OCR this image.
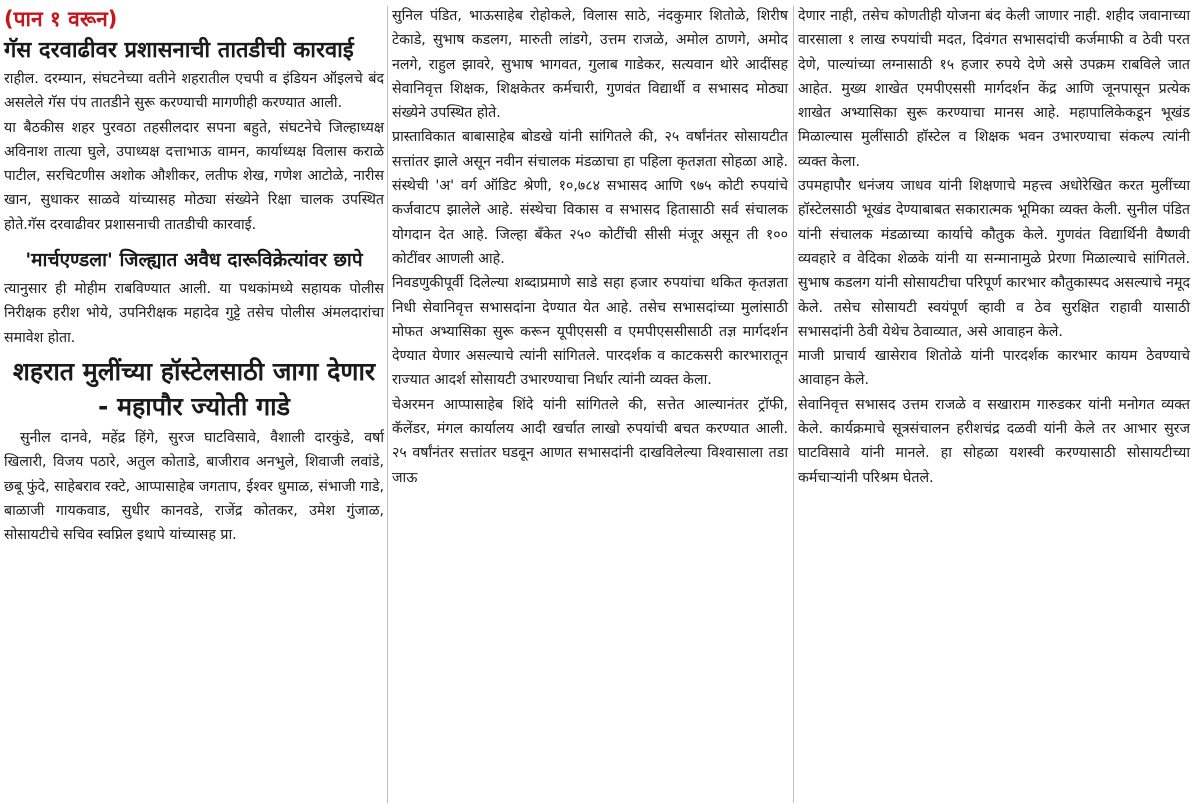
(पान १ वरून)
गॅस दरवाढीवर प्रशासनाची तातडीची कारवाई

राहील. दरम्यान, संघटनेच्या वतीने शहरातील एचपी व इंडियन ऑइलचे बंद असलेले गॅस पंप तातडीने सुरू करण्याची मागणीही करण्यात आली.

या बैठकीस शहर पुरवठा तहसीलदार सपना बहुते, संघटनेचे जिल्हाध्यक्ष अविनाश तात्या घुले, उपाध्यक्ष दत्ताभाऊ वामन, कार्याध्यक्ष विलास कराळे पाटील, सरचिटणीस अशोक औशीकर, लतीफ शेख, गणेश आटोळे, नारीस खान, सुधाकर साळवे यांच्यासह मोठ्या संख्येने रिक्षा चालक उपस्थित होते.गॅस दरवाढीवर प्रशासनाची तातडीची कारवाई.

'मार्चएण्डला' जिल्ह्यात अवैध दारूविक्रेत्यांवर छापे

त्यानुसार ही मोहीम राबविण्यात आली. या पथकांमध्ये सहायक पोलीस निरीक्षक हरीश भोये, उपनिरीक्षक महादेव गुट्टे तसेच पोलीस अंमलदारांचा समावेश होता.

शहरात मुलींच्या हॉस्टेलसाठी जागा देणार - महापौर ज्योती गाडे

सुनील दानवे, महेंद्र हिंगे, सुरज घाटविसावे, वैशाली दारकुंडे, वर्षा खिलारी, विजय पठारे, अतुल कोताडे, बाजीराव अनभुले, शिवाजी लवांडे, छबू फुंदे, साहेबराव रक्टे, आप्पासाहेब जगताप, ईश्वर धुमाळ, संभाजी गाडे, बाळाजी गायकवाड, सुधीर कानवडे, राजेंद्र कोतकर, उमेश गुंजाळ, सोसायटीचे सचिव स्वप्निल इथापे यांच्यासह प्रा.

सुनिल पंडित, भाऊसाहेब रोहोकले, विलास साठे, नंदकुमार शितोळे, शिरीष टेकाडे, सुभाष कडलग, मारुती लांडगे, उत्तम राजळे, अमोल ठाणगे, अमोद नलगे, राहुल झावरे, सुभाष भागवत, गुलाब गाडेकर, सत्यवान थोरे आदींसह सेवानिवृत्त शिक्षक, शिक्षकेतर कर्मचारी, गुणवंत विद्यार्थी व सभासद मोठ्या संख्येने उपस्थित होते.

प्रास्ताविकात बाबासाहेब बोडखे यांनी सांगितले की, २५ वर्षांनंतर सोसायटीत सत्तांतर झाले असून नवीन संचालक मंडळाचा हा पहिला कृतज्ञता सोहळा आहे. संस्थेची 'अ' वर्ग ऑडिट श्रेणी, १०,७८४ सभासद आणि ९७५ कोटी रुपयांचे कर्जवाटप झालेले आहे. संस्थेचा विकास व सभासद हितासाठी सर्व संचालक योगदान देत आहे. जिल्हा बँकेत २५० कोटींची सीसी मंजूर असून ती १०० कोटींवर आणली आहे.

निवडणुकीपूर्वी दिलेल्या शब्दाप्रमाणे साडे सहा हजार रुपयांचा थकित कृतज्ञता निधी सेवानिवृत्त सभासदांना देण्यात येत आहे. तसेच सभासदांच्या मुलांसाठी मोफत अभ्यासिका सुरू करून यूपीएससी व एमपीएससीसाठी तज्ञ मार्गदर्शन देण्यात येणार असल्याचे त्यांनी सांगितले. पारदर्शक व काटकसरी कारभारातून राज्यात आदर्श सोसायटी उभारण्याचा निर्धार त्यांनी व्यक्त केला.

चेअरमन आप्पासाहेब शिंदे यांनी सांगितले की, सत्तेत आल्यानंतर ट्रॉफी, कॅलेंडर, मंगल कार्यालय आदी खर्चात लाखो रुपयांची बचत करण्यात आली. २५ वर्षांनंतर सत्तांतर घडवून आणत सभासदांनी दाखविलेल्या विश्वासाला तडा जाऊ

देणार नाही, तसेच कोणतीही योजना बंद केली जाणार नाही. शहीद जवानाच्या वारसाला १ लाख रुपयांची मदत, दिवंगत सभासदांची कर्जमाफी व ठेवी परत देणे, पाल्यांच्या लग्नासाठी १५ हजार रुपये देणे असे उपक्रम राबविले जात आहेत. मुख्य शाखेत एमपीएससी मार्गदर्शन केंद्र आणि जूनपासून प्रत्येक शाखेत अभ्यासिका सुरू करण्याचा मानस आहे. महापालिकेकडून भूखंड मिळाल्यास मुलींसाठी हॉस्टेल व शिक्षक भवन उभारण्याचा संकल्प त्यांनी व्यक्त केला.

उपमहापौर धनंजय जाधव यांनी शिक्षणाचे महत्त्व अधोरेखित करत मुलींच्या हॉस्टेलसाठी भूखंड देण्याबाबत सकारात्मक भूमिका व्यक्त केली. सुनील पंडित यांनी संचालक मंडळाच्या कार्याचे कौतुक केले. गुणवंत विद्यार्थिनी वैष्णवी व्यवहारे व वेदिका शेळके यांनी या सन्मानामुळे प्रेरणा मिळाल्याचे सांगितले. सुभाष कडलग यांनी सोसायटीचा परिपूर्ण कारभार कौतुकास्पद असल्याचे नमूद केले. तसेच सोसायटी स्वयंपूर्ण व्हावी व ठेव सुरक्षित राहावी यासाठी सभासदांनी ठेवी येथेच ठेवाव्यात, असे आवाहन केले.

माजी प्राचार्य खासेराव शितोळे यांनी पारदर्शक कारभार कायम ठेवण्याचे आवाहन केले.

सेवानिवृत्त सभासद उत्तम राजळे व सखाराम गारुडकर यांनी मनोगत व्यक्त केले. कार्यक्रमाचे सूत्रसंचालन हरीशचंद्र दळवी यांनी केले तर आभार सुरज घाटविसावे यांनी मानले. हा सोहळा यशस्वी करण्यासाठी सोसायटीच्या कर्मचाऱ्यांनी परिश्रम घेतले.
